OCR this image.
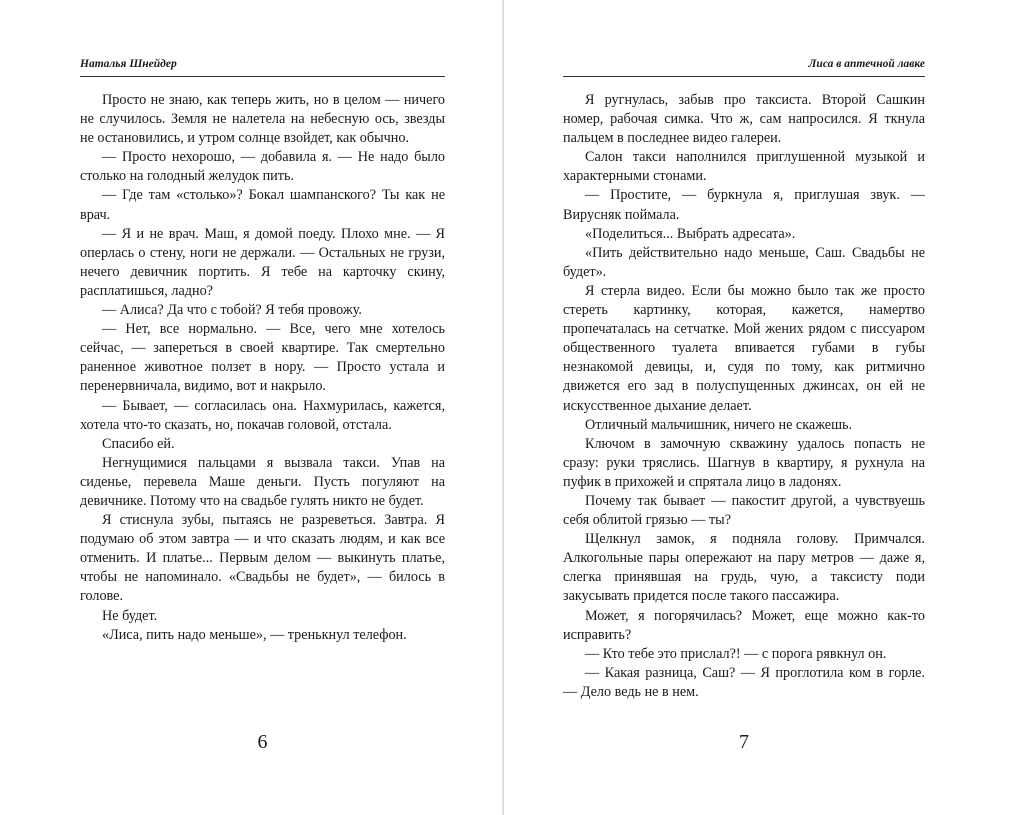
Наталья Шнейдер

Просто не знаю, как теперь жить, но в целом — ничего не случилось. Земля не налетела на небесную ось, звезды не остановились, и утром солнце взойдет, как обычно.

— Просто нехорошо, — добавила я. — Не надо было столько на голодный желудок пить.

— Где там «столько»? Бокал шампанского? Ты как не врач.

— Я и не врач. Маш, я домой поеду. Плохо мне. — Я оперлась о стену, ноги не держали. — Остальных не грузи, нечего девичник портить. Я тебе на карточку скину, расплатишься, ладно?

— Алиса? Да что с тобой? Я тебя провожу.

— Нет, все нормально. — Все, чего мне хотелось сейчас, — запереться в своей квартире. Так смертельно раненное животное ползет в нору. — Просто устала и перенервничала, видимо, вот и накрыло.

— Бывает, — согласилась она. Нахмурилась, кажется, хотела что-то сказать, но, покачав головой, отстала.

Спасибо ей.

Негнущимися пальцами я вызвала такси. Упав на сиденье, перевела Маше деньги. Пусть погуляют на девичнике. Потому что на свадьбе гулять никто не будет.

Я стиснула зубы, пытаясь не разреветься. Завтра. Я подумаю об этом завтра — и что сказать людям, и как все отменить. И платье... Первым делом — выкинуть платье, чтобы не напоминало. «Свадьбы не будет», — билось в голове.

Не будет.

«Лиса, пить надо меньше», — тренькнул телефон.

6
Лиса в аптечной лавке

Я ругнулась, забыв про таксиста. Второй Сашкин номер, рабочая симка. Что ж, сам напросился. Я ткнула пальцем в последнее видео галереи.

Салон такси наполнился приглушенной музыкой и характерными стонами.

— Простите, — буркнула я, приглушая звук. — Вирусняк поймала.

«Поделиться... Выбрать адресата».

«Пить действительно надо меньше, Саш. Свадьбы не будет».

Я стерла видео. Если бы можно было так же просто стереть картинку, которая, кажется, намертво пропечаталась на сетчатке. Мой жених рядом с писсуаром общественного туалета впивается губами в губы незнакомой девицы, и, судя по тому, как ритмично движется его зад в полуспущенных джинсах, он ей не искусственное дыхание делает.

Отличный мальчишник, ничего не скажешь.

Ключом в замочную скважину удалось попасть не сразу: руки тряслись. Шагнув в квартиру, я рухнула на пуфик в прихожей и спрятала лицо в ладонях.

Почему так бывает — пакостит другой, а чувствуешь себя облитой грязью — ты?

Щелкнул замок, я подняла голову. Примчался. Алкогольные пары опережают на пару метров — даже я, слегка принявшая на грудь, чую, а таксисту поди закусывать придется после такого пассажира.

Может, я погорячилась? Может, еще можно как-то исправить?

— Кто тебе это прислал?! — с порога рявкнул он.

— Какая разница, Саш? — Я проглотила ком в горле. — Дело ведь не в нем.

7
